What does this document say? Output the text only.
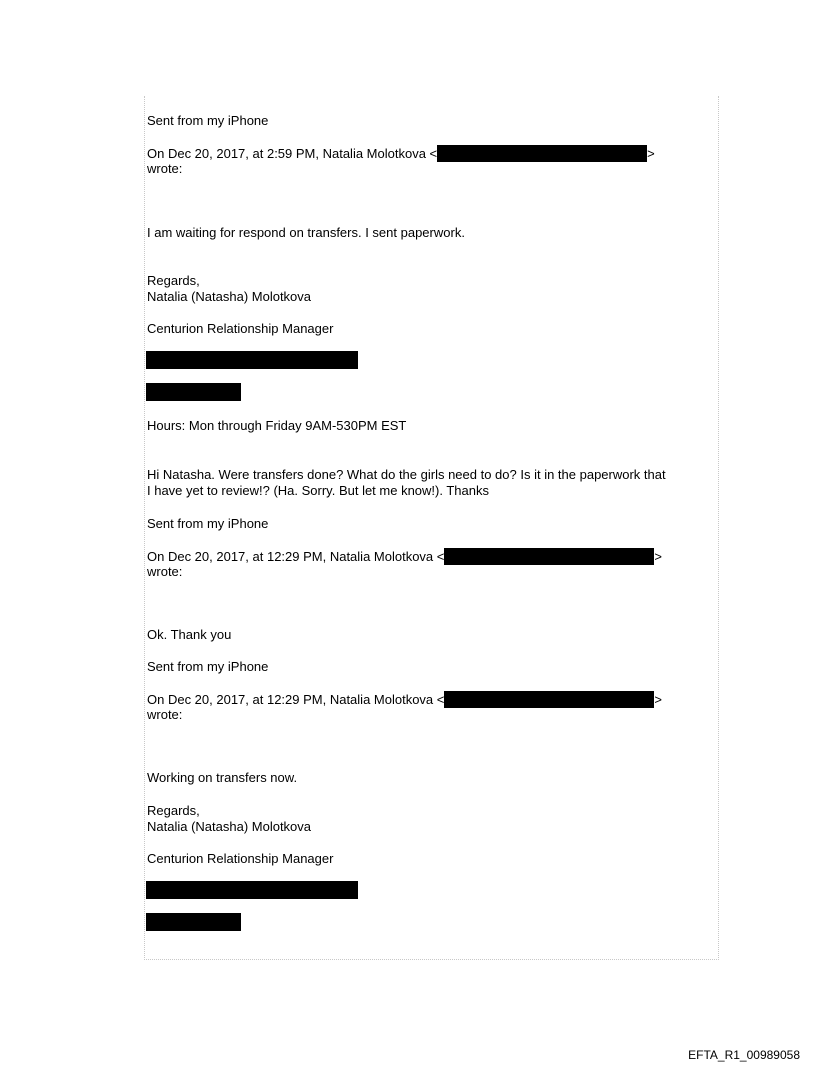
Sent from my iPhone
On Dec 20, 2017, at 2:59 PM, Natalia Molotkova <	>
wrote:
I am waiting for respond on transfers. I sent paperwork.
Regards,
Natalia (Natasha) Molotkova
Centurion Relationship Manager
Hours: Mon through Friday 9AM-530PM EST
Hi Natasha. Were transfers done? What do the girls need to do? Is it in the paperwork that
I have yet to review!? (Ha. Sorry. But let me know!). Thanks
Sent from my iPhone
On Dec 20, 2017, at 12:29 PM, Natalia Molotkova <	>
wrote:
Ok. Thank you
Sent from my iPhone
On Dec 20, 2017, at 12:29 PM, Natalia Molotkova <	>
wrote:
Working on transfers now.
Regards,
Natalia (Natasha) Molotkova
Centurion Relationship Manager
EFTA_R1_00989058
